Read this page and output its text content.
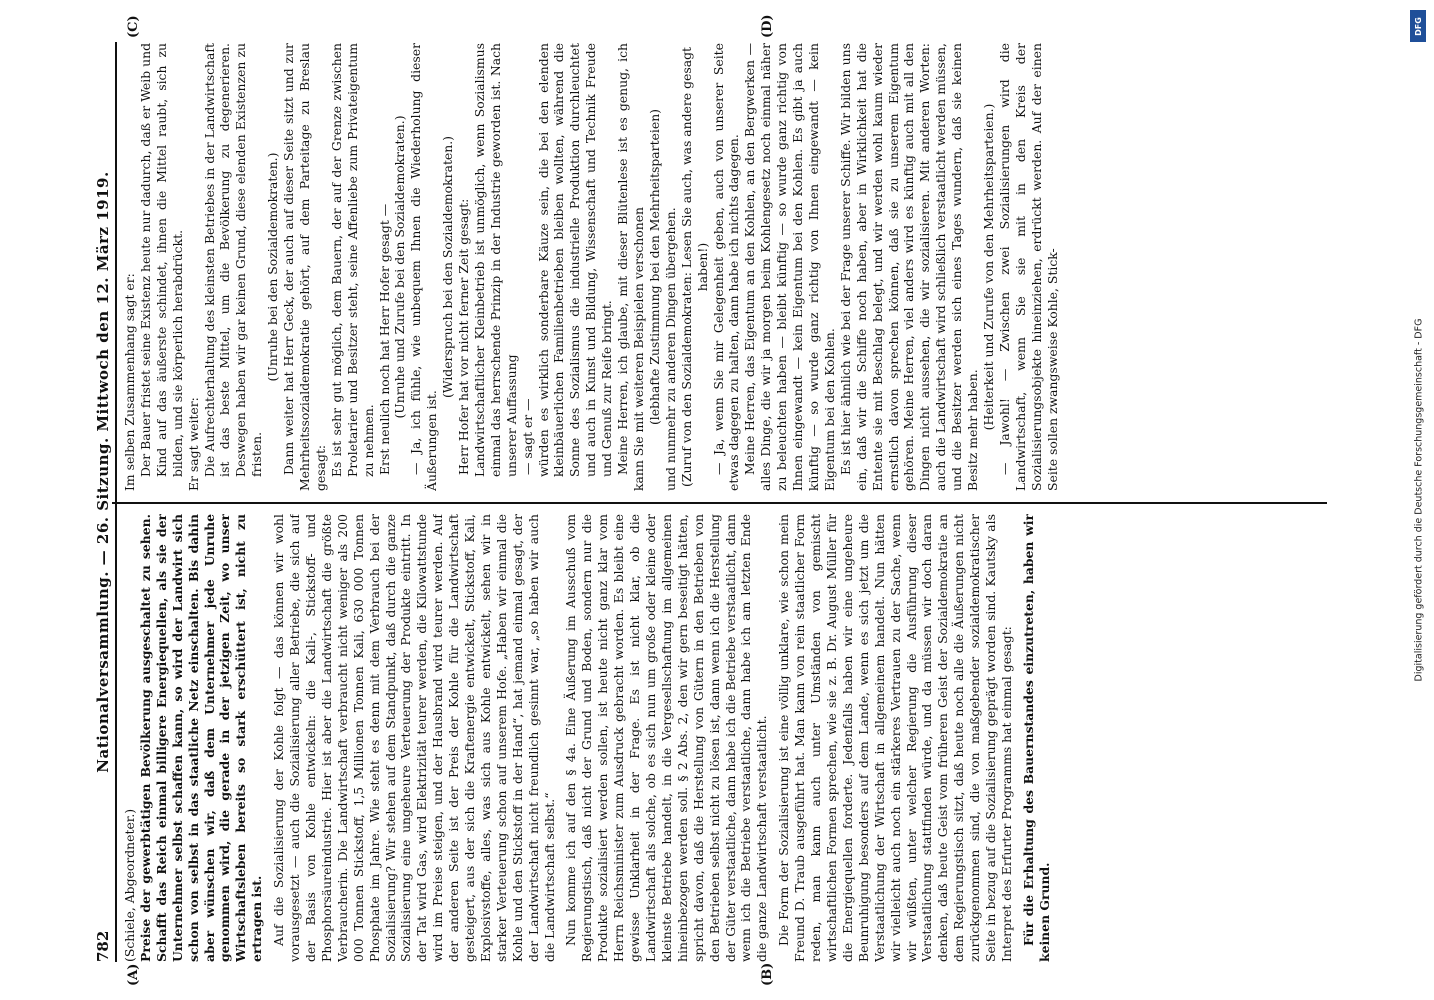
782
Nationalversammlung. — 26. Sitzung. Mittwoch den 12. März 1919.
(A)	(B)
(C)	(D)

(Schiele, Abgeordneter.) Preise der gewerbtätigen Bevölkerung ausgeschaltet zu sehen. Schafft das Reich einmal billigere Energiequellen, als sie der Unternehmer selbst schaffen kann, so wird der Landwirt sich schon von selbst in das staatliche Netz einschalten. Bis dahin aber wünschen wir, daß dem Unternehmer jede Unruhe genommen wird, die gerade in der jetzigen Zeit, wo unser Wirtschaftsleben bereits so stark erschüttert ist, nicht zu ertragen ist. Auf die Sozialisierung der Kohle folgt — das können wir wohl vorausgesetzt — auch die Sozialisierung aller Betriebe, die sich auf der Basis von Kohle entwickeln: die Kali-, Stickstoff- und Phosphorsäureindustrie. Hier ist aber die Landwirtschaft die größte Verbraucherin. Die Landwirtschaft verbraucht nicht weniger als 200 000 Tonnen Stickstoff, 1,5 Millionen Tonnen Kali, 630 000 Tonnen Phosphate im Jahre. Wie steht es denn mit dem Verbrauch bei der Sozialisierung? Wir stehen auf dem Standpunkt, daß durch die ganze Sozialisierung eine ungeheure Verteuerung der Produkte eintritt. In der Tat wird Gas, wird Elektrizität teurer werden, die Kilowattstunde wird im Preise steigen, und der Hausbrand wird teurer werden. Auf der anderen Seite ist der Preis der Kohle für die Landwirtschaft gesteigert, aus der sich die Kraftenergie entwickelt, Stickstoff, Kali, Explosivstoffe, alles, was sich aus Kohle entwickelt, sehen wir in starker Verteuerung schon auf unserem Hofe. „Haben wir einmal die Kohle und den Stickstoff in der Hand“, hat jemand einmal gesagt, der der Landwirtschaft nicht freundlich gesinnt war, „so haben wir auch die Landwirtschaft selbst.“ Nun komme ich auf den § 4a. Eine Äußerung im Ausschuß vom Regierungstisch, daß nicht der Grund und Boden, sondern nur die Produkte sozialisiert werden sollen, ist heute nicht ganz klar vom Herrn Reichsminister zum Ausdruck gebracht worden. Es bleibt eine gewisse Unklarheit in der Frage. Es ist nicht klar, ob die Landwirtschaft als solche, ob es sich nun um große oder kleine oder kleinste Betriebe handelt, in die Vergesellschaftung im allgemeinen hineinbezogen werden soll. § 2 Abs. 2, den wir gern beseitigt hätten, spricht davon, daß die Herstellung von Gütern in den Betrieben von den Betrieben selbst nicht zu lösen ist, dann wenn ich die Herstellung der Güter verstaatliche, dann habe ich die Betriebe verstaatlicht, dann wenn ich die Betriebe verstaatliche, dann habe ich am letzten Ende die ganze Landwirtschaft verstaatlicht. Die Form der Sozialisierung ist eine völlig unklare, wie schon mein Freund D. Traub ausgeführt hat. Man kann von rein staatlicher Form reden, man kann auch unter Umständen von gemischt wirtschaftlichen Formen sprechen, wie sie z. B. Dr. August Müller für die Energiequellen forderte. Jedenfalls haben wir eine ungeheure Beunruhigung besonders auf dem Lande, wenn es sich jetzt um die Verstaatlichung der Wirtschaft in allgemeinem handelt. Nun hätten wir vielleicht auch noch ein stärkeres Vertrauen zu der Sache, wenn wir wüßten, unter welcher Regierung die Ausführung dieser Verstaatlichung stattfinden würde, und da müssen wir doch daran denken, daß heute Geist vom früheren Geist der Sozialdemokratie an dem Regierungstisch sitzt, daß heute noch alle die Äußerungen nicht zurückgenommen sind, die von maßgebender sozialdemokratischer Seite in bezug auf die Sozialisierung geprägt worden sind. Kautsky als Interpret des Erfurter Programms hat einmal gesagt: Für die Erhaltung des Bauernstandes einzutreten, haben wir keinen Grund.

Im selben Zusammenhang sagt er: Der Bauer fristet seine Existenz heute nur dadurch, daß er Weib und Kind auf das äußerste schindet, ihnen die Mittel raubt, sich zu bilden, und sie körperlich herabdrückt. Er sagt weiter: Die Aufrechterhaltung des kleinsten Betriebes in der Landwirtschaft ist das beste Mittel, um die Bevölkerung zu degenerieren. Deswegen haben wir gar keinen Grund, diese elenden Existenzen zu fristen.

(Unruhe bei den Sozialdemokraten.) Dann weiter hat Herr Geck, der auch auf dieser Seite sitzt und zur Mehrheitssozialdemokratie gehört, auf dem Parteitage zu Breslau gesagt: Es ist sehr gut möglich, dem Bauern, der auf der Grenze zwischen Proletarier und Besitzer steht, seine Affenliebe zum Privateigentum zu nehmen. Erst neulich noch hat Herr Hofer gesagt — (Unruhe und Zurufe bei den Sozialdemokraten.) — Ja, ich fühle, wie unbequem Ihnen die Wiederholung dieser Äußerungen ist.

(Widerspruch bei den Sozialdemokraten.) Herr Hofer hat vor nicht ferner Zeit gesagt: Landwirtschaftlicher Kleinbetrieb ist unmöglich, wenn Sozialismus einmal das herrschende Prinzip in der Industrie geworden ist. Nach unserer Auffassung — sagt er — würden es wirklich sonderbare Käuze sein, die bei den elenden kleinbäuerlichen Familienbetrieben bleiben wollten, während die Sonne des Sozialismus die industrielle Produktion durchleuchtet und auch in Kunst und Bildung, Wissenschaft und Technik Freude und Genuß zur Reife bringt. Meine Herren, ich glaube, mit dieser Blütenlese ist es genug, ich kann Sie mit weiteren Beispielen verschonen (lebhafte Zustimmung bei den Mehrheitsparteien) und nunmehr zu anderen Dingen übergehen. (Zuruf von den Sozialdemokraten: Lesen Sie auch, was andere gesagt haben!) — Ja, wenn Sie mir Gelegenheit geben, auch von unserer Seite etwas dagegen zu halten, dann habe ich nichts dagegen. Meine Herren, das Eigentum an den Kohlen, an den Bergwerken — alles Dinge, die wir ja morgen beim Kohlengesetz noch einmal näher zu beleuchten haben — bleibt künftig — so wurde ganz richtig von Ihnen eingewandt — kein Eigentum bei den Kohlen. Es gibt ja auch künftig — so wurde ganz richtig von Ihnen eingewandt — kein Eigentum bei den Kohlen. Es ist hier ähnlich wie bei der Frage unserer Schiffe. Wir bilden uns ein, daß wir die Schiffe noch haben, aber in Wirklichkeit hat die Entente sie mit Beschlag belegt, und wir werden wohl kaum wieder ernstlich davon sprechen können, daß sie zu unserem Eigentum gehören. Meine Herren, viel anders wird es künftig auch mit all den Dingen nicht aussehen, die wir sozialisieren. Mit anderen Worten: auch die Landwirtschaft wird schließlich verstaatlicht werden müssen, und die Besitzer werden sich eines Tages wundern, daß sie keinen Besitz mehr haben. (Heiterkeit und Zurufe von den Mehrheitsparteien.) — Jawohl! — Zwischen zwei Sozialisierungen wird die Landwirtschaft, wenn Sie sie mit in den Kreis der Sozialisierungsobjekte hineinziehen, erdrückt werden. Auf der einen Seite sollen zwangsweise Kohle, Stick-

DFG
Digitalisierung gefördert durch die Deutsche Forschungsgemeinschaft - DFG
